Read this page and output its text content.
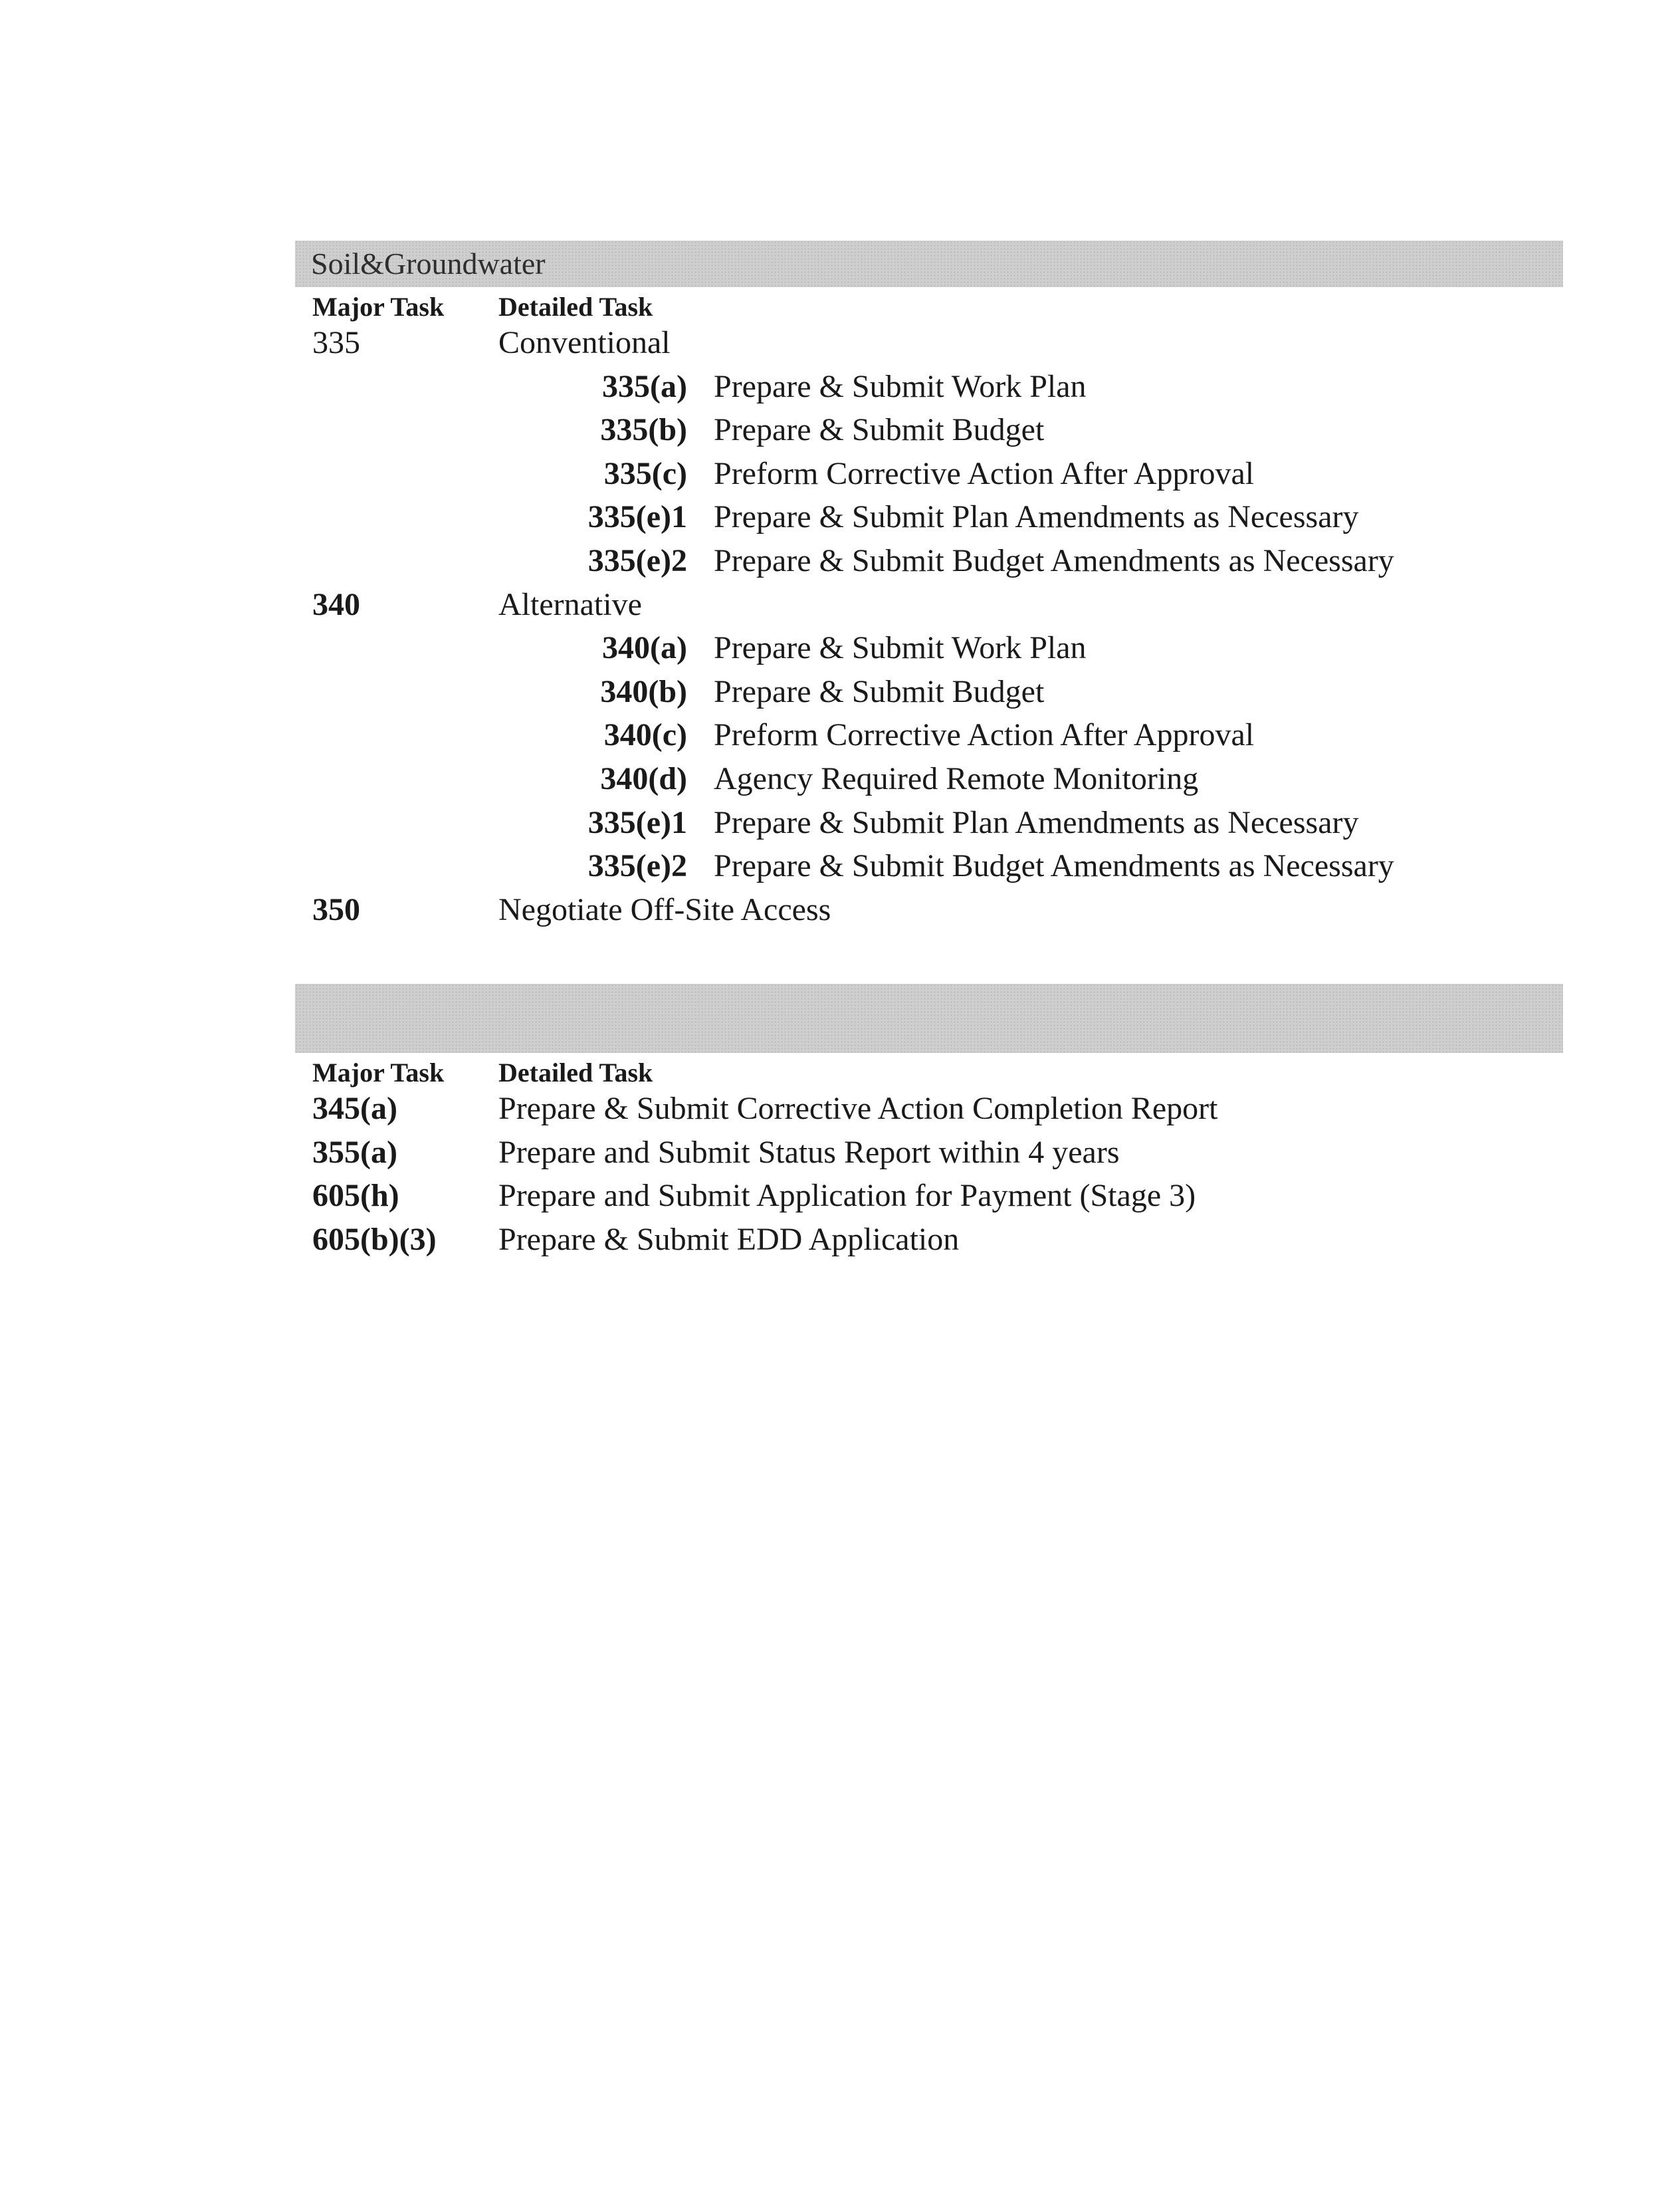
Soil&Groundwater
Major Task Detailed Task
335	Conventional
335(a) Prepare & Submit Work Plan
335(b) Prepare & Submit Budget
335(c) Preform Corrective Action After Approval
335(e)1 Prepare & Submit Plan Amendments as Necessary
335(e)2 Prepare & Submit Budget Amendments as Necessary
340	Alternative
340(a) Prepare & Submit Work Plan
340(b) Prepare & Submit Budget
340(c) Preform Corrective Action After Approval
340(d) Agency Required Remote Monitoring
335(e)1 Prepare & Submit Plan Amendments as Necessary
335(e)2 Prepare & Submit Budget Amendments as Necessary
350	Negotiate Off-Site Access
Major Task Detailed Task
345(a)	Prepare & Submit Corrective Action Completion Report
355(a)	Prepare and Submit Status Report within 4 years
605(h)	Prepare and Submit Application for Payment (Stage 3)
605(b)(3) Prepare & Submit EDD Application
